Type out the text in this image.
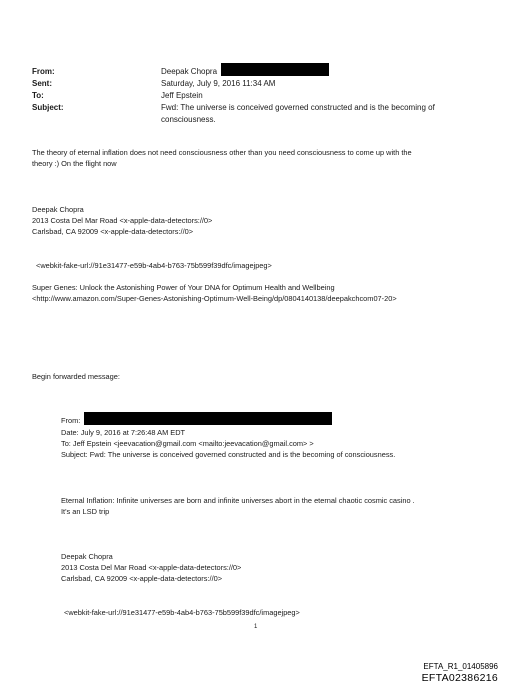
From:	Deepak Chopra
Sent:	Saturday, July 9, 2016 11:34 AM
To:	Jeff Epstein
Subject:	Fwd: The universe is conceived governed constructed and is the becoming of
consciousness.
The theory of eternal inflation does not need consciousness other than you need consciousness to come up with the
theory :) On the flight now
Deepak Chopra
2013 Costa Del Mar Road <x-apple-data-detectors://0>
Carlsbad, CA 92009 <x-apple-data-detectors://0>
<webkit-fake-url://91e31477-e59b-4ab4-b763-75b599f39dfc/imagejpeg>
Super Genes: Unlock the Astonishing Power of Your DNA for Optimum Health and Wellbeing
<http://www.amazon.com/Super-Genes-Astonishing-Optimum-Well-Being/dp/0804140138/deepakchcom07-20>
Begin forwarded message:
From:
Date: July 9, 2016 at 7:26:48 AM EDT
To: Jeff Epstein <jeevacation@gmail.com <mailto:jeevacation@gmail.com> >
Subject: Fwd: The universe is conceived governed constructed and is the becoming of consciousness.
Eternal Inflation: Infinite universes are born and infinite universes abort in the eternal chaotic cosmic casino .
It's an LSD trip
Deepak Chopra
2013 Costa Del Mar Road <x-apple-data-detectors://0>
Carlsbad, CA 92009 <x-apple-data-detectors://0>
<webkit-fake-url://91e31477-e59b-4ab4-b763-75b599f39dfc/imagejpeg>
1
EFTA_R1_01405896
EFTA02386216
